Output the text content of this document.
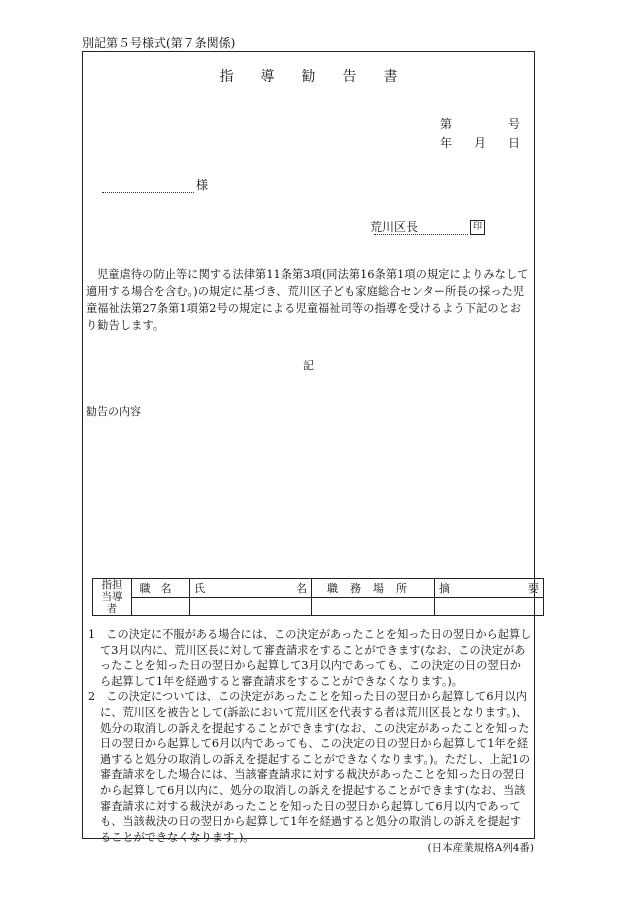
別記第５号様式(第７条関係)
指導勧告書
第	号
年 月 日
様
荒川区長	印
児童虐待の防止等に関する法律第11条第3項(同法第16条第1項の規定によりみなして適用する場合を含む。)の規定に基づき、荒川区子ども家庭総合センター所長の採った児童福祉法第27条第1項第2号の規定による児童福祉司等の指導を受けるよう下記のとおり勧告します。
記
勧告の内容
指担当導者	職名	氏 名	職務場所	摘 要

1　この決定に不服がある場合には、この決定があったことを知った日の翌日から起算して3月以内に、荒川区長に対して審査請求をすることができます(なお、この決定があったことを知った日の翌日から起算して3月以内であっても、この決定の日の翌日から起算して1年を経過すると審査請求をすることができなくなります。)。

2　この決定については、この決定があったことを知った日の翌日から起算して6月以内に、荒川区を被告として(訴訟において荒川区を代表する者は荒川区長となります。)、処分の取消しの訴えを提起することができます(なお、この決定があったことを知った日の翌日から起算して6月以内であっても、この決定の日の翌日から起算して1年を経過すると処分の取消しの訴えを提起することができなくなります。)。ただし、上記1の審査請求をした場合には、当該審査請求に対する裁決があったことを知った日の翌日から起算して6月以内に、処分の取消しの訴えを提起することができます(なお、当該審査請求に対する裁決があったことを知った日の翌日から起算して6月以内であっても、当該裁決の日の翌日から起算して1年を経過すると処分の取消しの訴えを提起することができなくなります。)。

(日本産業規格A列4番)
